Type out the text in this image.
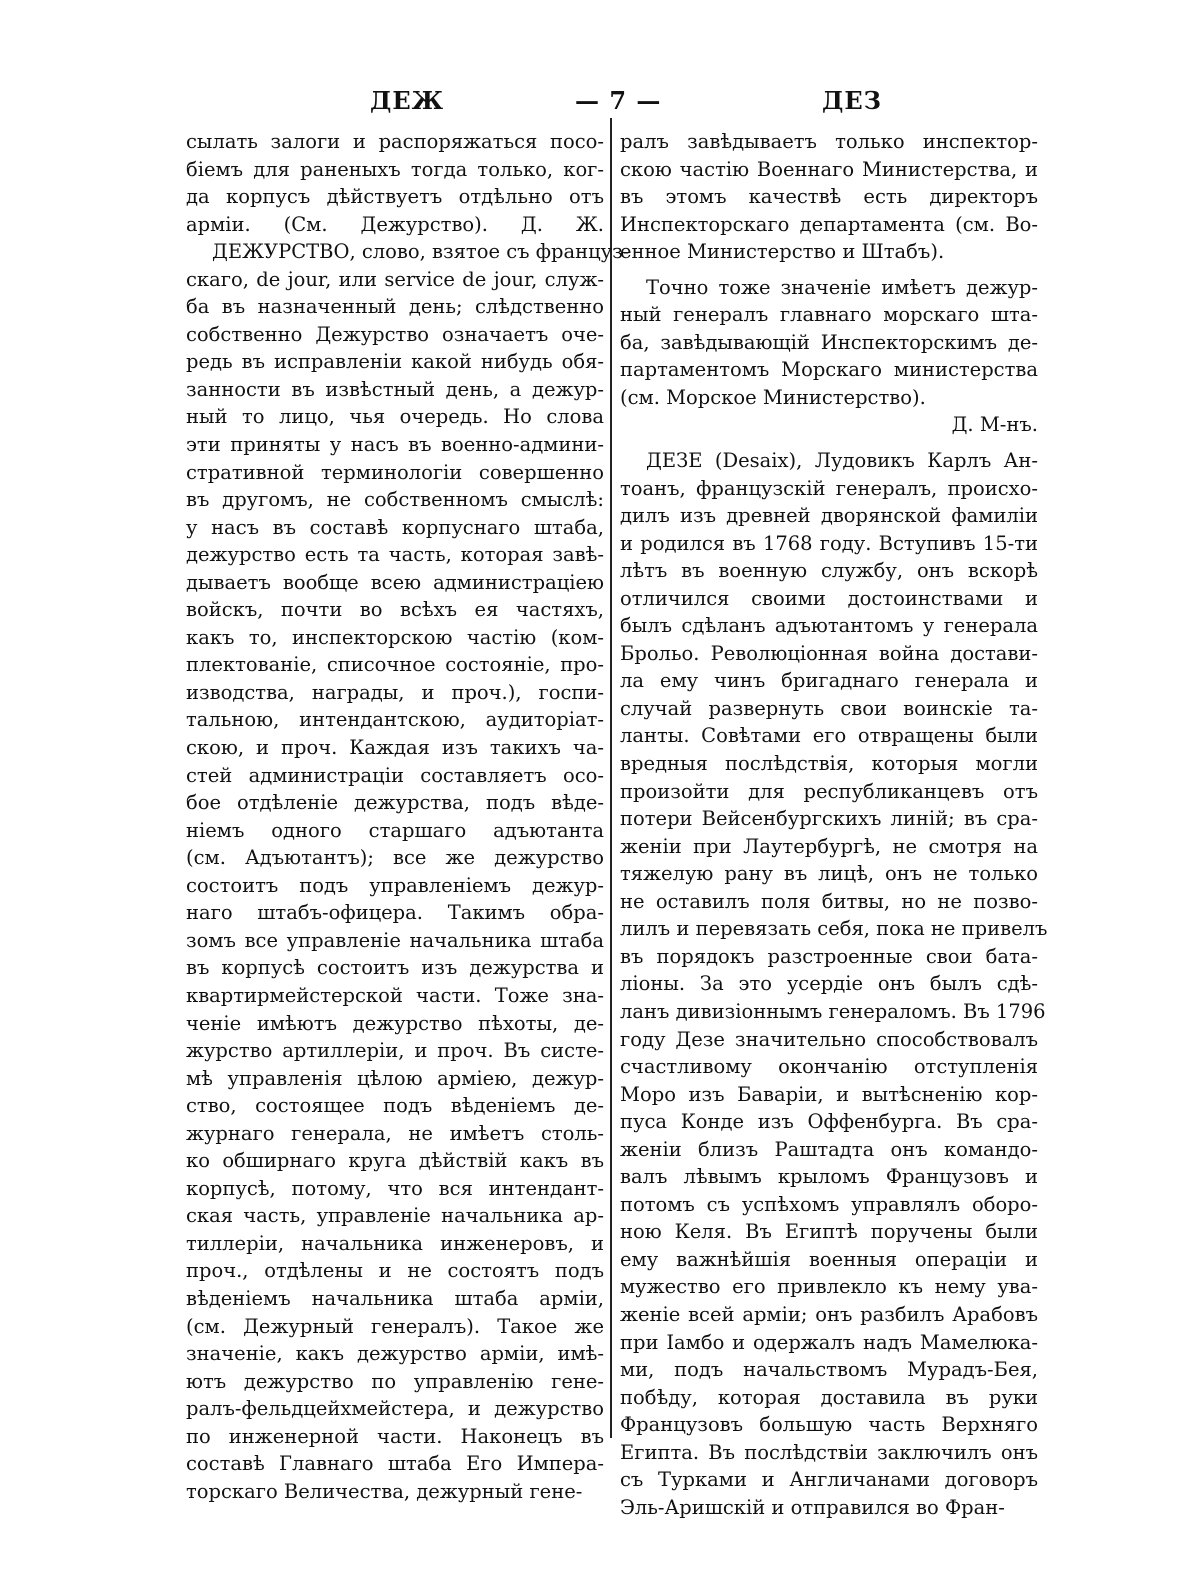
ДЕЖ	— 7 —	ДЕЗ
сылать залоги и распоряжаться посо-
біемъ для раненыхъ тогда только, ког-
да корпусъ дѣйствуетъ отдѣльно отъ
арміи. (См. Дежурство). Д. Ж.
ДЕЖУРСТВО, слово, взятое съ француз-
скаго, de jour, или service de jour, служ-
ба въ назначенный день; слѣдственно
собственно Дежурство означаетъ оче-
редь въ исправленіи какой нибудь обя-
занности въ извѣстный день, а дежур-
ный то лицо, чья очередь. Но слова
эти приняты у насъ въ военно-админи-
стративной терминологіи совершенно
въ другомъ, не собственномъ смыслѣ:
у насъ въ составѣ корпуснаго штаба,
дежурство есть та часть, которая завѣ-
дываетъ вообще всею администраціею
войскъ, почти во всѣхъ ея частяхъ,
какъ то, инспекторскою частію (ком-
плектованіе, списочное состояніе, про-
изводства, награды, и проч.), госпи-
тальною, интендантскою, аудиторіат-
скою, и проч. Каждая изъ такихъ ча-
стей администраціи составляетъ осо-
бое отдѣленіе дежурства, подъ вѣде-
ніемъ одного старшаго адъютанта
(см. Адъютантъ); все же дежурство
состоитъ подъ управленіемъ дежур-
наго штабъ-офицера. Такимъ обра-
зомъ все управленіе начальника штаба
въ корпусѣ состоитъ изъ дежурства и
квартирмейстерской части. Тоже зна-
ченіе имѣютъ дежурство пѣхоты, де-
журство артиллеріи, и проч. Въ систе-
мѣ управленія цѣлою арміею, дежур-
ство, состоящее подъ вѣденіемъ де-
журнаго генерала, не имѣетъ столь-
ко обширнаго круга дѣйствій какъ въ
корпусѣ, потому, что вся интендант-
ская часть, управленіе начальника ар-
тиллеріи, начальника инженеровъ, и
проч., отдѣлены и не состоятъ подъ
вѣденіемъ начальника штаба арміи,
(см. Дежурный генералъ). Такое же
значеніе, какъ дежурство арміи, имѣ-
ютъ дежурство по управленію гене-
ралъ-фельдцейхмейстера, и дежурство
по инженерной части. Наконецъ въ
составѣ Главнаго штаба Его Импера-
торскаго Величества, дежурный гене-
ралъ завѣдываетъ только инспектор-
скою частію Военнаго Министерства, и
въ этомъ качествѣ есть директоръ
Инспекторскаго департамента (см. Во-
енное Министерство и Штабъ).
Точно тоже значеніе имѣетъ дежур-
ный генералъ главнаго морскаго шта-
ба, завѣдывающій Инспекторскимъ де-
партаментомъ Морскаго министерства
(см. Морское Министерство).
Д. М-нъ.
ДЕЗЕ (Desaix), Лудовикъ Карлъ Ан-
тоанъ, французскій генералъ, происхо-
дилъ изъ древней дворянской фамиліи
и родился въ 1768 году. Вступивъ 15-ти
лѣтъ въ военную службу, онъ вскорѣ
отличился своими достоинствами и
былъ сдѣланъ адъютантомъ у генерала
Брольо. Революціонная война достави-
ла ему чинъ бригаднаго генерала и
случай развернуть свои воинскіе та-
ланты. Совѣтами его отвращены были
вредныя послѣдствія, которыя могли
произойти для республиканцевъ отъ
потери Вейсенбургскихъ линій; въ сра-
женіи при Лаутербургѣ, не смотря на
тяжелую рану въ лицѣ, онъ не только
не оставилъ поля битвы, но не позво-
лилъ и перевязать себя, пока не привелъ
въ порядокъ разстроенные свои бата-
ліоны. За это усердіе онъ былъ сдѣ-
ланъ дивизіоннымъ генераломъ. Въ 1796
году Дезе значительно способствовалъ
счастливому окончанію отступленія
Моро изъ Баваріи, и вытѣсненію кор-
пуса Конде изъ Оффенбурга. Въ сра-
женіи близъ Раштадта онъ командо-
валъ лѣвымъ крыломъ Французовъ и
потомъ съ успѣхомъ управлялъ оборо-
ною Келя. Въ Египтѣ поручены были
ему важнѣйшія военныя операціи и
мужество его привлекло къ нему ува-
женіе всей арміи; онъ разбилъ Арабовъ
при Іамбо и одержалъ надъ Мамелюка-
ми, подъ начальствомъ Мурадъ-Бея,
побѣду, которая доставила въ руки
Французовъ большую часть Верхняго
Египта. Въ послѣдствіи заключилъ онъ
съ Турками и Англичанами договоръ
Эль-Аришскій и отправился во Фран-
